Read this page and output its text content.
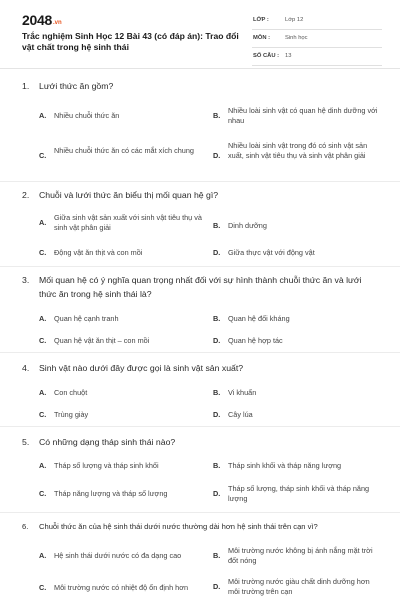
2048.vn
Trắc nghiệm Sinh Học 12 Bài 43 (có đáp án): Trao đổi vật chất trong hệ sinh thái
LỚP :	Lớp 12
MÔN :	Sinh học
SỐ CÂU : 13
1. Lưới thức ăn gồm?
A. Nhiều chuỗi thức ăn	B.
Nhiều loài sinh vật có quan hệ dinh dưỡng với nhau
C.
Nhiều chuỗi thức ăn có các mắt xích chung
D.
Nhiều loài sinh vật trong đó có sinh vật sản xuất, sinh vật tiêu thụ và sinh vật phân giải
2. Chuỗi và lưới thức ăn biểu thị mối quan hệ gì?
A.
Giữa sinh vật sản xuất với sinh vật tiêu thụ và sinh vật phân giải	B. Dinh dưỡng
C. Động vật ăn thịt và con mồi	D. Giữa thực vật với động vật
3. Mối quan hệ có ý nghĩa quan trọng nhất đối với sự hình thành chuỗi thức ăn và lưới thức ăn trong hệ sinh thái là?
A. Quan hệ cạnh tranh	B. Quan hệ đối kháng
C. Quan hệ vật ăn thịt – con mồi	D. Quan hệ hợp tác
4. Sinh vật nào dưới đây được gọi là sinh vật sản xuất?
A. Con chuột	B. Vi khuẩn
C. Trùng giày	D. Cây lúa
5. Có những dạng tháp sinh thái nào?
A. Tháp số lượng và tháp sinh khối	B. Tháp sinh khối và tháp năng lượng
C. Tháp năng lượng và tháp số lượng	D.
Tháp số lượng, tháp sinh khối và tháp năng lượng
6. Chuỗi thức ăn của hệ sinh thái dưới nước thường dài hơn hệ sinh thái trên cạn vì?
A. Hệ sinh thái dưới nước có đa dạng cao	B.
Môi trường nước không bị ánh nắng mặt trời đốt nóng
C. Môi trường nước có nhiệt độ ổn định hơn	D.
Môi trường nước giàu chất dinh dưỡng hơn môi trường trên cạn
